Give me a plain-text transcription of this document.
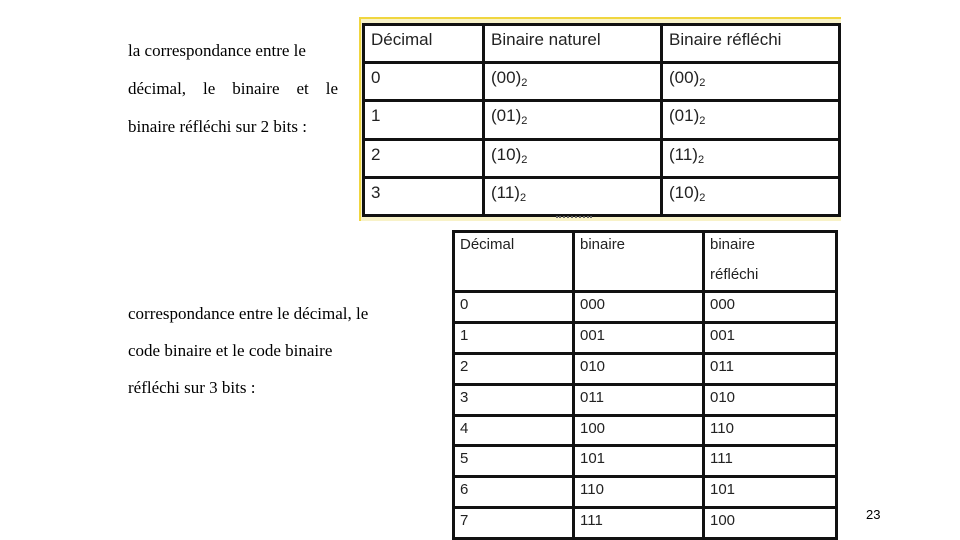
la correspondance entre le
décimal, le binaire et le
binaire réfléchi sur 2 bits :
Décimal	Binaire naturel	Binaire réfléchi
0	$(00)_2$	$(00)_2$
1	$(01)_2$	$(01)_2$
2	$(10)_2$	$(11)_2$
3	$(11)_2$	$(10)_2$
correspondance entre le décimal, le
code binaire et le code binaire
réfléchi sur 3 bits :
Décimal	binaire	binaire
réfléchi

0	000	000
1	001	001
2	010	011
3	011	010
4	100	110
5	101	111
6	110	101
7	111	100	23
